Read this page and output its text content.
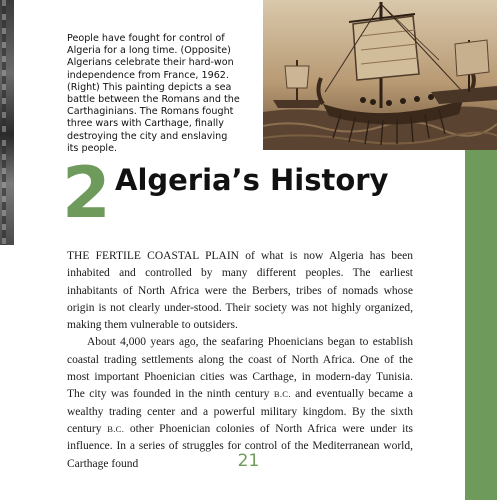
People have fought for control of
Algeria for a long time. (Opposite)
Algerians celebrate their hard-won
independence from France, 1962.
(Right) This painting depicts a sea
battle between the Romans and the
Carthaginians. The Romans fought
three wars with Carthage, finally
destroying the city and enslaving
its people.
2 Algeria’s History

THE FERTILE COASTAL PLAIN of what is now Algeria has been inhabited and controlled by many different peoples. The earliest inhabitants of North Africa were the Berbers, tribes of nomads whose origin is not clearly under-stood. Their society was not highly organized, making them vulnerable to outsiders.

About 4,000 years ago, the seafaring Phoenicians began to establish coastal trading settlements along the coast of North Africa. One of the most important Phoenician cities was Carthage, in modern-day Tunisia. The city was founded in the ninth century B.C. and eventually became a wealthy trading center and a powerful military kingdom. By the sixth century B.C. other Phoenician colonies of North Africa were under its influence. In a series of struggles for control of the Mediterranean world, Carthage found	21
